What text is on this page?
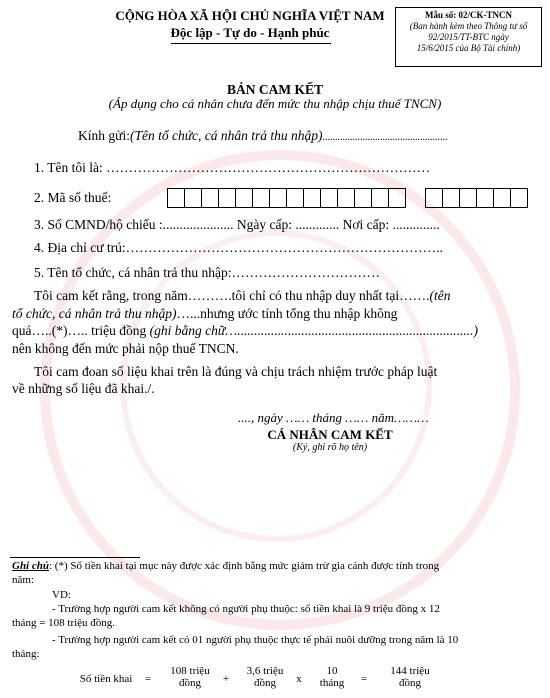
CỘNG HÒA XÃ HỘI CHỦ NGHĨA VIỆT NAM
Độc lập - Tự do - Hạnh phúc
Mẫu số: 02/CK-TNCN
(Ban hành kèm theo Thông tư số
92/2015/TT-BTC ngày
15/6/2015 của Bộ Tài chính)
BẢN CAM KẾT
(Áp dụng cho cá nhân chưa đến mức thu nhập chịu thuế TNCN)
Kính gửi:(Tên tổ chức, cá nhân trả thu nhập)..................................................
1. Tên tôi là: ………………………………………………………………
2. Mã số thuế:
3. Số CMND/hộ chiếu :..................... Ngày cấp: ............. Nơi cấp: ..............
4. Địa chỉ cư trú:……………………………………………………………..
5. Tên tổ chức, cá nhân trả thu nhập:……………………………
Tôi cam kết rằng, trong năm……….tôi chỉ có thu nhập duy nhất tại…….(tên
tổ chức, cá nhân trả thu nhập)…...nhưng ước tính tổng thu nhập không
quá…..(*)….. triệu đồng (ghi bằng chữ…......................................................................)
nên không đến mức phải nộp thuế TNCN.
Tôi cam đoan số liệu khai trên là đúng và chịu trách nhiệm trước pháp luật
về những số liệu đã khai./.
...., ngày …… tháng …… năm………
CÁ NHÂN CAM KẾT
(Ký, ghi rõ họ tên)
Ghi chú: (*) Số tiền khai tại mục này được xác định bằng mức giảm trừ gia cảnh được tính trong
năm:
VD:
- Trường hợp người cam kết không có người phụ thuộc: số tiền khai là 9 triệu đồng x 12
tháng = 108 triệu đồng.
- Trường hợp người cam kết có 01 người phụ thuộc thực tế phải nuôi dưỡng trong năm là 10
tháng:
Số tiền khai	=
108 triệu
đồng	+
3,6 triệu
đồng	x
10
tháng	=
144 triệu
đồng
